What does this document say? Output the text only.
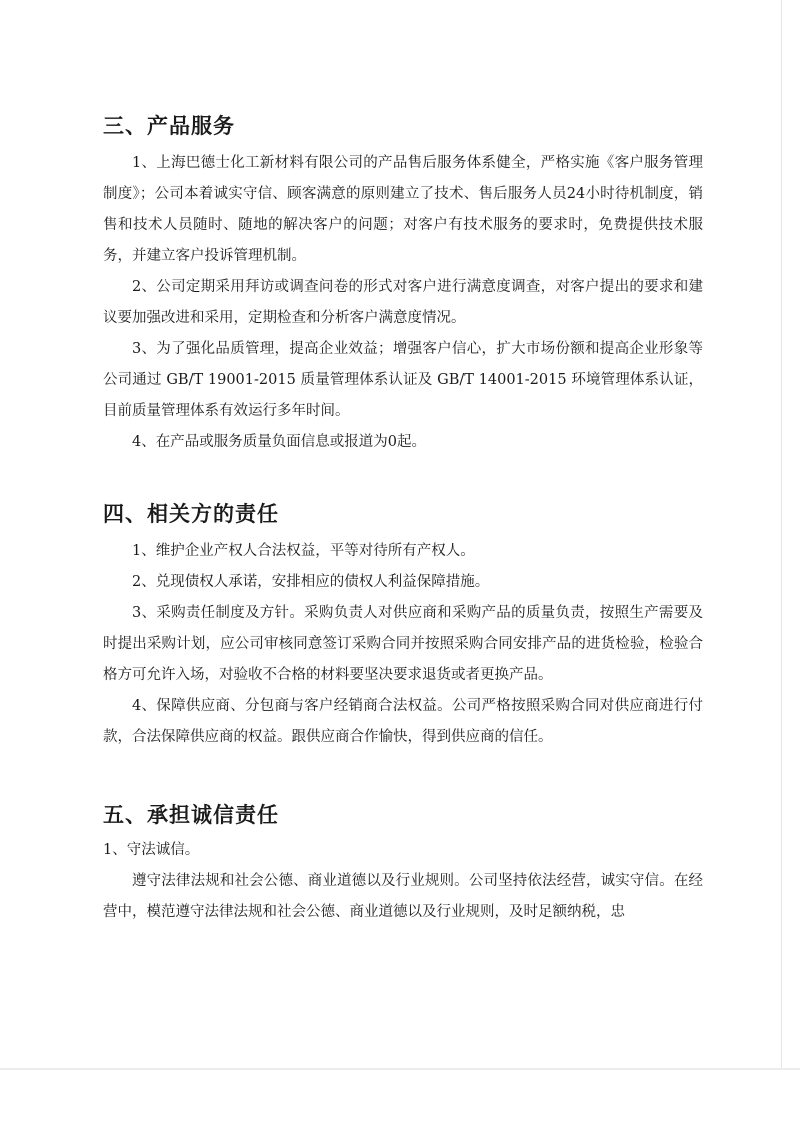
三、产品服务

1、上海巴德士化工新材料有限公司的产品售后服务体系健全，严格实施《客户服务管理制度》；公司本着诚实守信、顾客满意的原则建立了技术、售后服务人员24小时待机制度，销售和技术人员随时、随地的解决客户的问题；对客户有技术服务的要求时，免费提供技术服务，并建立客户投诉管理机制。

2、公司定期采用拜访或调查问卷的形式对客户进行满意度调查，对客户提出的要求和建议要加强改进和采用，定期检查和分析客户满意度情况。

3、为了强化品质管理，提高企业效益；增强客户信心，扩大市场份额和提高企业形象等公司通过 GB/T 19001-2015 质量管理体系认证及 GB/T 14001-2015 环境管理体系认证，目前质量管理体系有效运行多年时间。

4、在产品或服务质量负面信息或报道为0起。

四、相关方的责任

1、维护企业产权人合法权益，平等对待所有产权人。

2、兑现债权人承诺，安排相应的债权人利益保障措施。

3、采购责任制度及方针。采购负责人对供应商和采购产品的质量负责，按照生产需要及时提出采购计划，应公司审核同意签订采购合同并按照采购合同安排产品的进货检验，检验合格方可允许入场，对验收不合格的材料要坚决要求退货或者更换产品。

4、保障供应商、分包商与客户经销商合法权益。公司严格按照采购合同对供应商进行付款，合法保障供应商的权益。跟供应商合作愉快，得到供应商的信任。

五、承担诚信责任

1、守法诚信。

遵守法律法规和社会公德、商业道德以及行业规则。公司坚持依法经营，诚实守信。在经营中，模范遵守法律法规和社会公德、商业道德以及行业规则，及时足额纳税，忠
